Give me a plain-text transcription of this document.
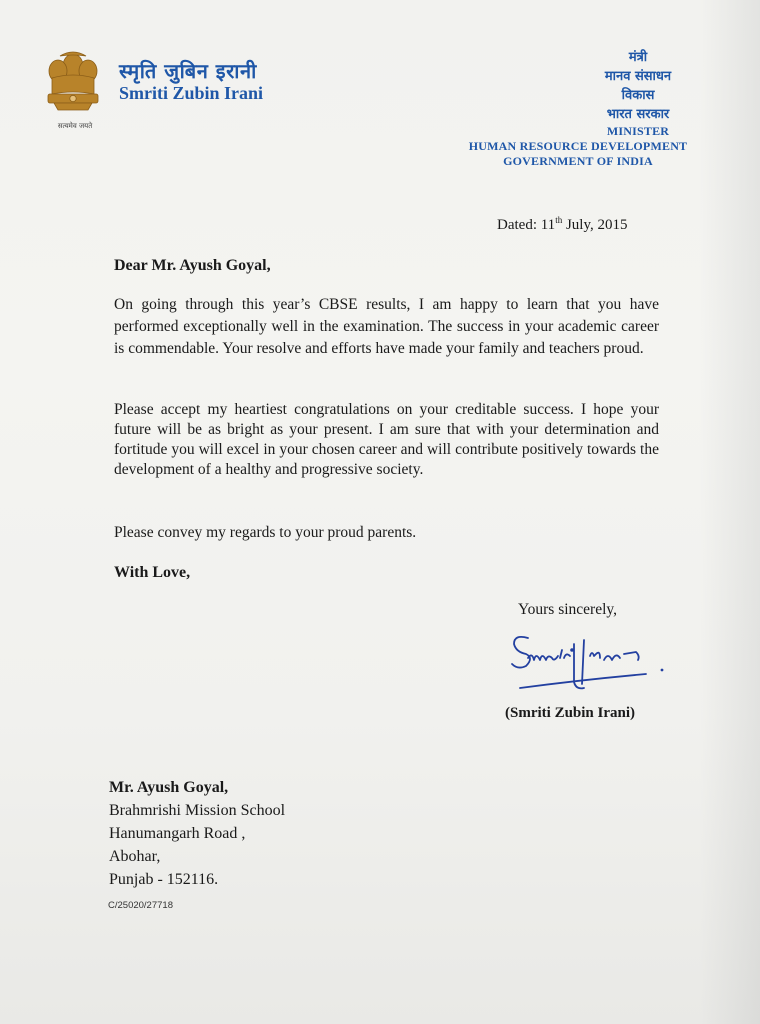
सत्यमेव जयते
स्मृति जुबिन इरानी
Smriti Zubin Irani
मंत्री
मानव संसाधन
विकास
भारत सरकार
MINISTER
HUMAN RESOURCE DEVELOPMENT
GOVERNMENT OF INDIA
Dated: 11th July, 2015
Dear Mr. Ayush Goyal,
On going through this year’s CBSE results, I am happy to learn that you have performed exceptionally well in the examination. The success in your academic career is commendable. Your resolve and efforts have made your family and teachers proud.
Please accept my heartiest congratulations on your creditable success. I hope your future will be as bright as your present. I am sure that with your determination and fortitude you will excel in your chosen career and will contribute positively towards the development of a healthy and progressive society.
Please convey my regards to your proud parents.
With Love,
Yours sincerely,
(Smriti Zubin Irani)
Mr. Ayush Goyal,
Brahmrishi Mission School
Hanumangarh Road ,
Abohar,
Punjab - 152116.
C/25020/27718
